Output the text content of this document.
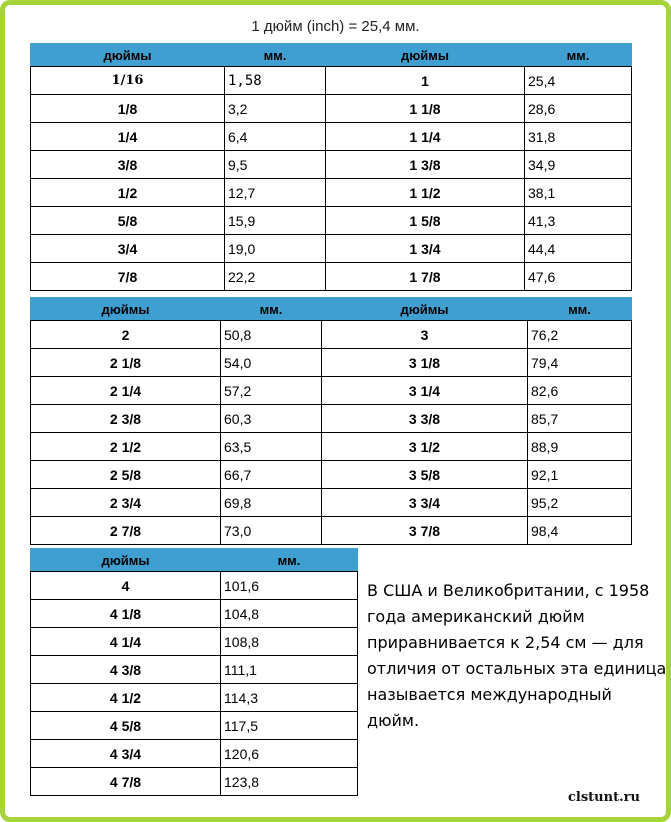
1 дюйм (inch) = 25,4 мм.
дюймы	мм.	дюймы	мм.
1/16	1,58	1	25,4
1/8	3,2	1 1/8	28,6
1/4	6,4	1 1/4	31,8
3/8	9,5	1 3/8	34,9
1/2	12,7	1 1/2	38,1
5/8	15,9	1 5/8	41,3
3/4	19,0	1 3/4	44,4
7/8	22,2	1 7/8	47,6
дюймы	мм.	дюймы	мм.
2	50,8	3	76,2
2 1/8	54,0	3 1/8	79,4
2 1/4	57,2	3 1/4	82,6
2 3/8	60,3	3 3/8	85,7
2 1/2	63,5	3 1/2	88,9
2 5/8	66,7	3 5/8	92,1
2 3/4	69,8	3 3/4	95,2
2 7/8	73,0	3 7/8	98,4
дюймы	мм.
4	101,6
4 1/8	104,8
4 1/4	108,8
4 3/8	111,1
4 1/2	114,3
4 5/8	117,5
4 3/4	120,6
4 7/8	123,8
В США и Великобритании, с 1958 года американский дюйм приравнивается к 2,54 см — для отличия от остальных эта единица называется международный дюйм.
clstunt.ru
